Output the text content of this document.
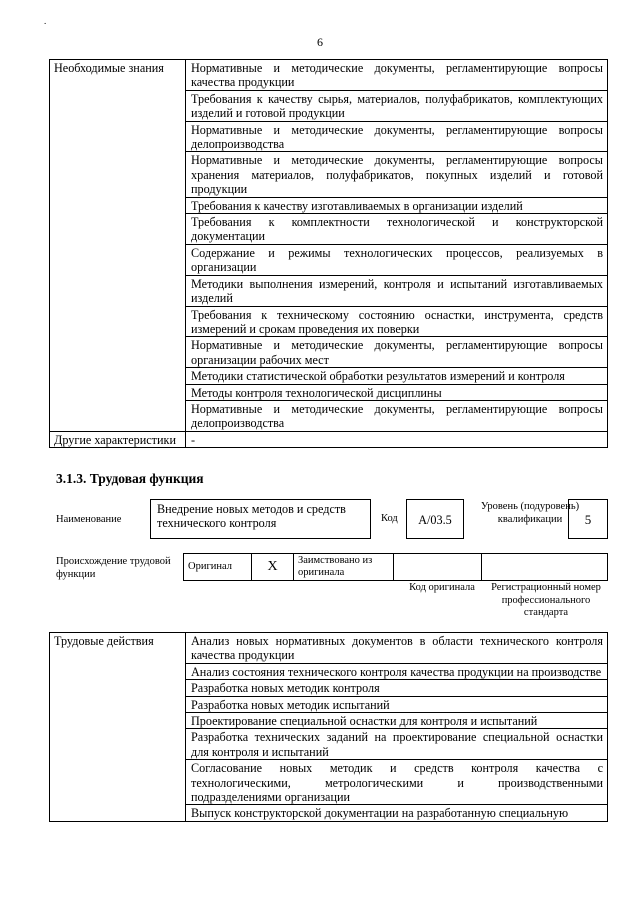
.
6
Необходимые знания	Нормативные и методические документы, регламентирующие вопросы качества продукции
	Требования к качеству сырья, материалов, полуфабрикатов, комплектующих изделий и готовой продукции
	Нормативные и методические документы, регламентирующие вопросы делопроизводства
	Нормативные и методические документы, регламентирующие вопросы хранения материалов, полуфабрикатов, покупных изделий и готовой продукции
	Требования к качеству изготавливаемых в организации изделий
	Требования к комплектности технологической и конструкторской документации
	Содержание и режимы технологических процессов, реализуемых в организации
	Методики выполнения измерений, контроля и испытаний изготавливаемых изделий
	Требования к техническому состоянию оснастки, инструмента, средств измерений и срокам проведения их поверки
	Нормативные и методические документы, регламентирующие вопросы организации рабочих мест
	Методики статистической обработки результатов измерений и контроля
	Методы контроля технологической дисциплины
	Нормативные и методические документы, регламентирующие вопросы делопроизводства
Другие характеристики	-
3.1.3. Трудовая функция
Наименование
Внедрение новых методов и средств технического контроля	Код	A/03.5
Уровень (подуровень) квалификации	5
Происхождение трудовой функции
Оригинал	X	Заимствовано из оригинала		
Код оригинала	Регистрационный номер профессионального стандарта
Трудовые действия	Анализ новых нормативных документов в области технического контроля качества продукции
Анализ состояния технического контроля качества продукции на производстве
Разработка новых методик контроля
Разработка новых методик испытаний
Проектирование специальной оснастки для контроля и испытаний
Разработка технических заданий на проектирование специальной оснастки для контроля и испытаний
Согласование новых методик и средств контроля качества с технологическими, метрологическими и производственными подразделениями организации
Выпуск конструкторской документации на разработанную специальную
